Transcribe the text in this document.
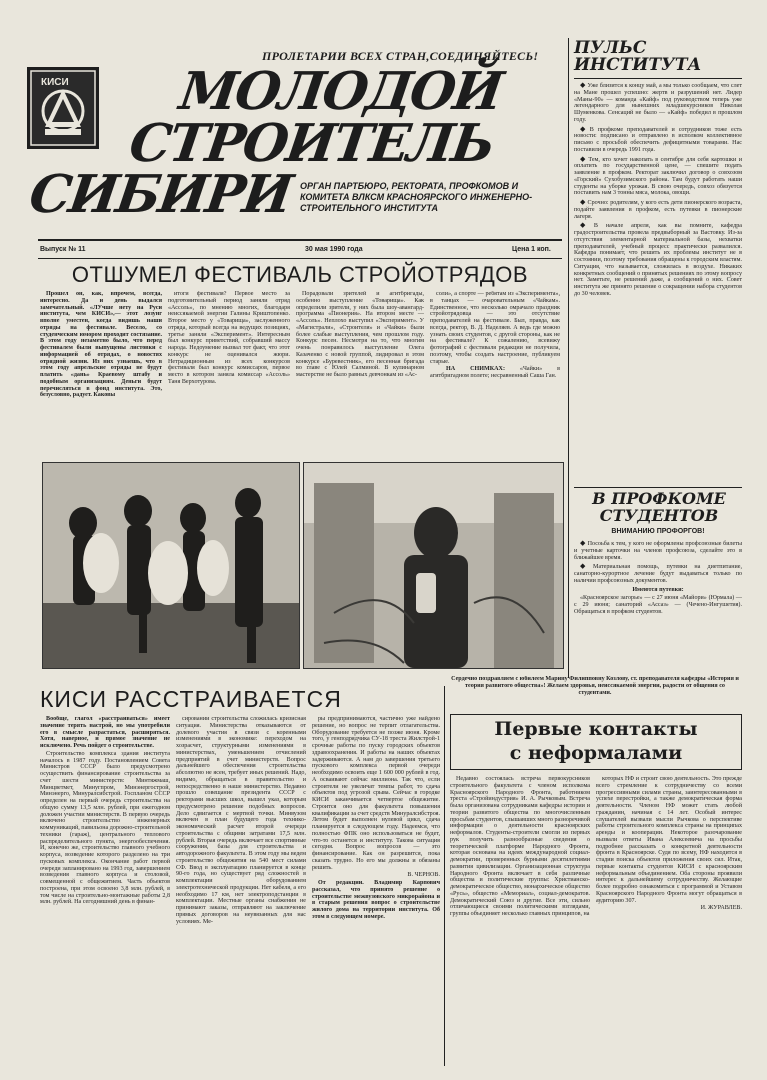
ПРОЛЕТАРИИ ВСЕХ СТРАН,СОЕДИНЯЙТЕСЬ!
КИСИ МОЛОДОЙ
СТРОИТЕЛЬ
СИБИРИ ОРГАН ПАРТБЮРО, РЕКТОРАТА, ПРОФКОМОВ И КОМИТЕТА ВЛКСМ КРАСНОЯРСКОГО ИНЖЕНЕРНО-СТРОИТЕЛЬНОГО ИНСТИТУТА
Выпуск № 11	30 мая 1990 года	Цена 1 коп.
ОТШУМЕЛ ФЕСТИВАЛЬ СТРОЙОТРЯДОВ

Прошел он, как, впрочем, всегда, интересно. Да и день выдался замечательный. «ЛУчше нету на Руси института, чем КИСИ»,— этот лозунг вполне уместен, когда видишь наши отряды на фестивале. Весело, со студенческим юмором проходит состязание. В этом году незаметно было, что перед фестивалем были выпущены листовки с информацией об отрядах, о новостях отрядной жизни. Из них узнаешь, что в этом году апрельские отряды не будут платить «дань» Краевому штабу и подобным организациям. Деньги будут перечисляться в фонд института. Это, безусловно, радует. Каковы

итоги фестиваля? Первое место за подготовительный период заняли отряд «Ассоль», по мнению многих, благодаря неиссякаемой энергии Галины Криштопенко. Второе место у «Товарища», заслуженного отряда, который всегда на ведущих позициях, третье заняли «Эксперимент». Интересным был конкурс приветствий, собравший массу народа. Недоумение вызвал тот факт, что этот конкурс не оценивался жюри. Нетрадиционным из всех конкурсов фестиваля был конкурс комиссаров, первое место в котором заняла комиссар «Ассоль» Таня Верхотурова.

Порадовали зрителей и агитбригады, особенно выступление «Товарища». Как определили зрители, у них была шоу-авангард-программа «Пионерия». На втором месте — «Ассоль». Неплохо выступил «Эксперимент». У «Магистрали», «Строителя» и «Чайки» были более слабые выступления, чем прошлом году. Конкурс песен. Несмотря на то, что многим очень понравилось выступление Олега Казаченко с новой группой, лидировал в этом конкурсе «Буревестник», его песенная бригада во главе с Юлей Салминой. В кулинарном мастерстве не было равных девчонкам из «Ас-

соли», а спорте — ребятам из «Эксперимента», в танцах — очаровательным «Чайкам». Единственное, что несколько омрачало праздник стройотрядовца — это отсутствие преподавателей на фестивале. Был, правда, как всегда, ректор, В. Д. Наделяев. А ведь где можно узнать своих студентов, с другой стороны, как не на фестивале? К сожалению, всевижу фотографий с фестиваля редакции не получила, поэтому, чтобы создать настроение, публикуем старые.

НА СНИМКАХ: «Чайки» в агитбригадном полете; несравненный Саша Ган.

ПУЛЬС ИНСТИТУТА

◆ Уже близится к концу май, а мы только сообщаем, что слет на Мане прошел успешно: жертв и разрушений нет. Лидер «Маны-90» — команда «Кайф» под руководством теперь уже легендарного для нынешних младшекурсников Николая Шуменкова. Сенсаций не было — «Кайф» победил в прошлом году.

◆ В профкоме преподавателей и сотрудников тоже есть новости: подписано и отправлено в исполком коллективное письмо с просьбой обеспечить дефицитными товарами. Нас поставили в очередь 1991 года.

◆ Тем, кто хочет накопать в сентябре для себя картошки и оплатить по государственной цене, — спешите подать заявление в профком. Ректорат заключил договор о совхозом «Горский» Сухобузимского района. Там будут работать наши студенты на уборке урожая. В свою очередь, совхоз обязуется поставить нам 3 тонны мяса, молока, овощи.

◆ Срочно: родителям, у кого есть дети пионерского возраста, подайте заявления в профком, есть путевки в пионерские лагеря.

◆ В начале апреля, как вы помните, кафедра градостроительства провела предвыборный за Вастовку. Из-за отсутствия элементарной материальной базы, нехватки преподавателей, учебный процесс практически развалился. Кафедра понимает, что решить их проблемы институт не в состоянии, поэтому требования обращены к городским властям. Ситуация, что называется, сложилась в воздухе. Никаких конкретных сообщений о принятых решениях по этому вопросу нет. Заметьте, не решений даже, а сообщений о них. Совет института же принято решение о сокращении набора студентов до 30 человек.

В ПРОФКОМЕ СТУДЕНТОВ
ВНИМАНИЮ ПРОФОРГОВ!

◆ Посоьба к тем, у кого не оформлены профсоюзные билеты и учетные карточки на членов профсоюза, сделайте это в ближайшее время.

◆ Материальная помощь, путевки на диетпитание, санаторно-курортное лечение будут выдаваться только по наличии профсоюзных документов.

Имеются путевки:

«Красноярское загорье» — с 27 июня «Майори» (Юрмала) — с 29 июня; санаторий «Ассаз» — (Чечено-Ингушетия). Обращаться в профком студентов.

КИСИ РАССТРАИВАЕТСЯ

Вообще, глагол «расстраиваться» имеет значение терять настрой, но мы употребили его в смысле разрастаться, расширяться. Хотя, наверное, и прямое значение не исключено. Речь пойдет о строительстве.

Строительство комплекса здания института началось в 1987 году. Постановлением Совета Министров СССР было предусмотрено осуществить финансирование строительства за счет шести министерств: Минтяжмаш, Минцветмет, Минугпром, Минэнергострой, Минэнерго, Минуралсибстрой. Госпланом СССР определен на первый очередь строительства на общую сумму 13,5 млн. рублей, при ежегодном доложен участии министерств. В первую очередь включено строительство инженерных коммуникаций, павильона дорожно-строительной техники (гараж), центрального теплового распределительного пункта, энергообеспечения. И, конечно же, строительство главного учебного корпуса, возведение которого разделено на три пусковых комплекса. Окончание работ первой очереди запланировано на 1993 год, завершением возведения главного корпуса и столовой, совмещенной с общежитием. Часть объектов построена, при этом освоено 3,8 млн. рублей, в том числе на строительно-монтажные работы 2,8 млн. рублей. На сегодняшний день в финан-

сировании строительства сложилась кризисная ситуация. Министерства отказываются от долевого участия в связи с коренными изменениями в экономике: переходом на хозрасчет, структурными изменениями в министерствах, уменьшением отчислений предприятий в счет министерств. Вопрос дальнейшего обеспечения строительства абсолютно не ясен, требует иных решений. Надо, видимо, обращаться в правительство и непосредственно в наше министерство. Недавно прошло совещание президента СССР с ректорами высших школ, вышел указ, которым предусмотрено решение подобных вопросов. Дело сдвигается с мертвой точки. Минвузом включен в план будущего года технико-экономический расчет второй очереди строительства с общими затратами 17,5 млн. рублей. Вторая очередь включает все спортивные сооружения, базы для строительства и автодорожного факультета. В этом году мы ведем строительство общежития на 540 мест силами СФ. Ввод в эксплуатацию планируется в конце 90-го года, но существует ряд сложностей в комплектации оборудованием электротехнической продукции. Нет кабеля, а его необходимо 17 км, нет электроподстанции в комплектации. Местные органы снабжения не принимают заказы, отправляют на заключение прямых договоров на неувязанных для нас условиях. Ме-

ры предпринимаются, частично уже найдено решение, но вопрос не терпит отлагательства. Оборудование требуется не позже июня. Кроме того, у генподрядчика СУ-18 треста Жилстрой-1 срочные работы по пуску городских объектов здравоохранения. И работы на наших объектах задерживаются. А нам до завершения третьего пускового комплекса первой очереди необходимо освоить еще 1 600 000 рублей в год. А осваивают сейчас миллиона. Так что, если строители не увеличат темпы работ, то сдача объектов под угрозой срыва. Сейчас в городке КИСИ заканчивается четвертое общежитие. Строится оно для факультета повышения квалификации за счет средств Минуралсибстроя. Летом будет выполнен нулевой цикл, сдача планируется в следующем году. Надеемся, что полностью ФПК оно использоваться не будет, что-то останется и институту. Такова ситуация сегодня. Вопрос вопросов — это финансирование. Как он разрешится, пока сказать трудно. Но его мы должны и обязаны решить.

В. ЧЕРНОВ.

От редакции. Владимир Карпович рассказал, что принято решение о строительстве межвузовского микрорайона и в старым решения вопрос о строительстве жилого дома на территории института. Об этом в следующем номере.

Сердечно поздравляем с юбилеем Марину Филипповну Козлову, ст. преподавателя кафедры «История и теория развитого общества»! Желаем здоровья, неиссякаемой энергии, радости от общения со студентами.

Первые контакты
с неформалами

Недавно состоялась встреча первокурсников строительного факультета с членом исполкома Красноярского Народного Фронта, работником треста «Стройиндустрия» И. А. Рычковым. Встреча была организована сотрудниками кафедры истории и теории развитого общества по многочисленным просьбам студентов, слышавших много разноречивой информации о деятельности красноярских неформалов. Студенты-строители смогли из первых рук получить разнообразные сведения о теоретической платформе Народного Фронта, которая основана на идеях международной социал-демократии, проверенных бурными десятилетиями развития цивилизации. Организационная структура Народного Фронта включает в себя различные общества и политические группы: Христианско-демократическое общество, монархическое общество «Русь», общество «Мемориал», социал-демократов. Демократический Союз и другие. Все эти, сильно отличающиеся своими политическими взглядами, группы объединяет несколько главных принципов, на

которых НФ и строит свою деятельность. Это прежде всего стремление к сотрудничеству со всеми прогрессивными силами страны, заинтересованными в успехе перестройки, а также демократическая форма деятельности. Членом НФ может стать любой гражданин, начиная с 14 лет. Особый интерес слушателей вызвали мысли Рычкова о перспективе работы строительного комплекса страны на принципах аренды и кооперации. Некоторое разочарование вызвали ответы Ивана Алексеевича на просьбы подробнее рассказать о конкретной деятельности фронта в Красноярске. Судя по всему, НФ находится в стадии поиска объектов приложения своих сил. Итак, первые контакты студентов КИСИ с красноярским неформальным объединением. Оба стороны проявили интерес к дальнейшему сотрудничеству. Желающие более подробно ознакомиться с программой и Уставом Красноярского Народного Фронта могут обращаться в аудиторию 307.

И. ЖУРАВЛЕВ.
